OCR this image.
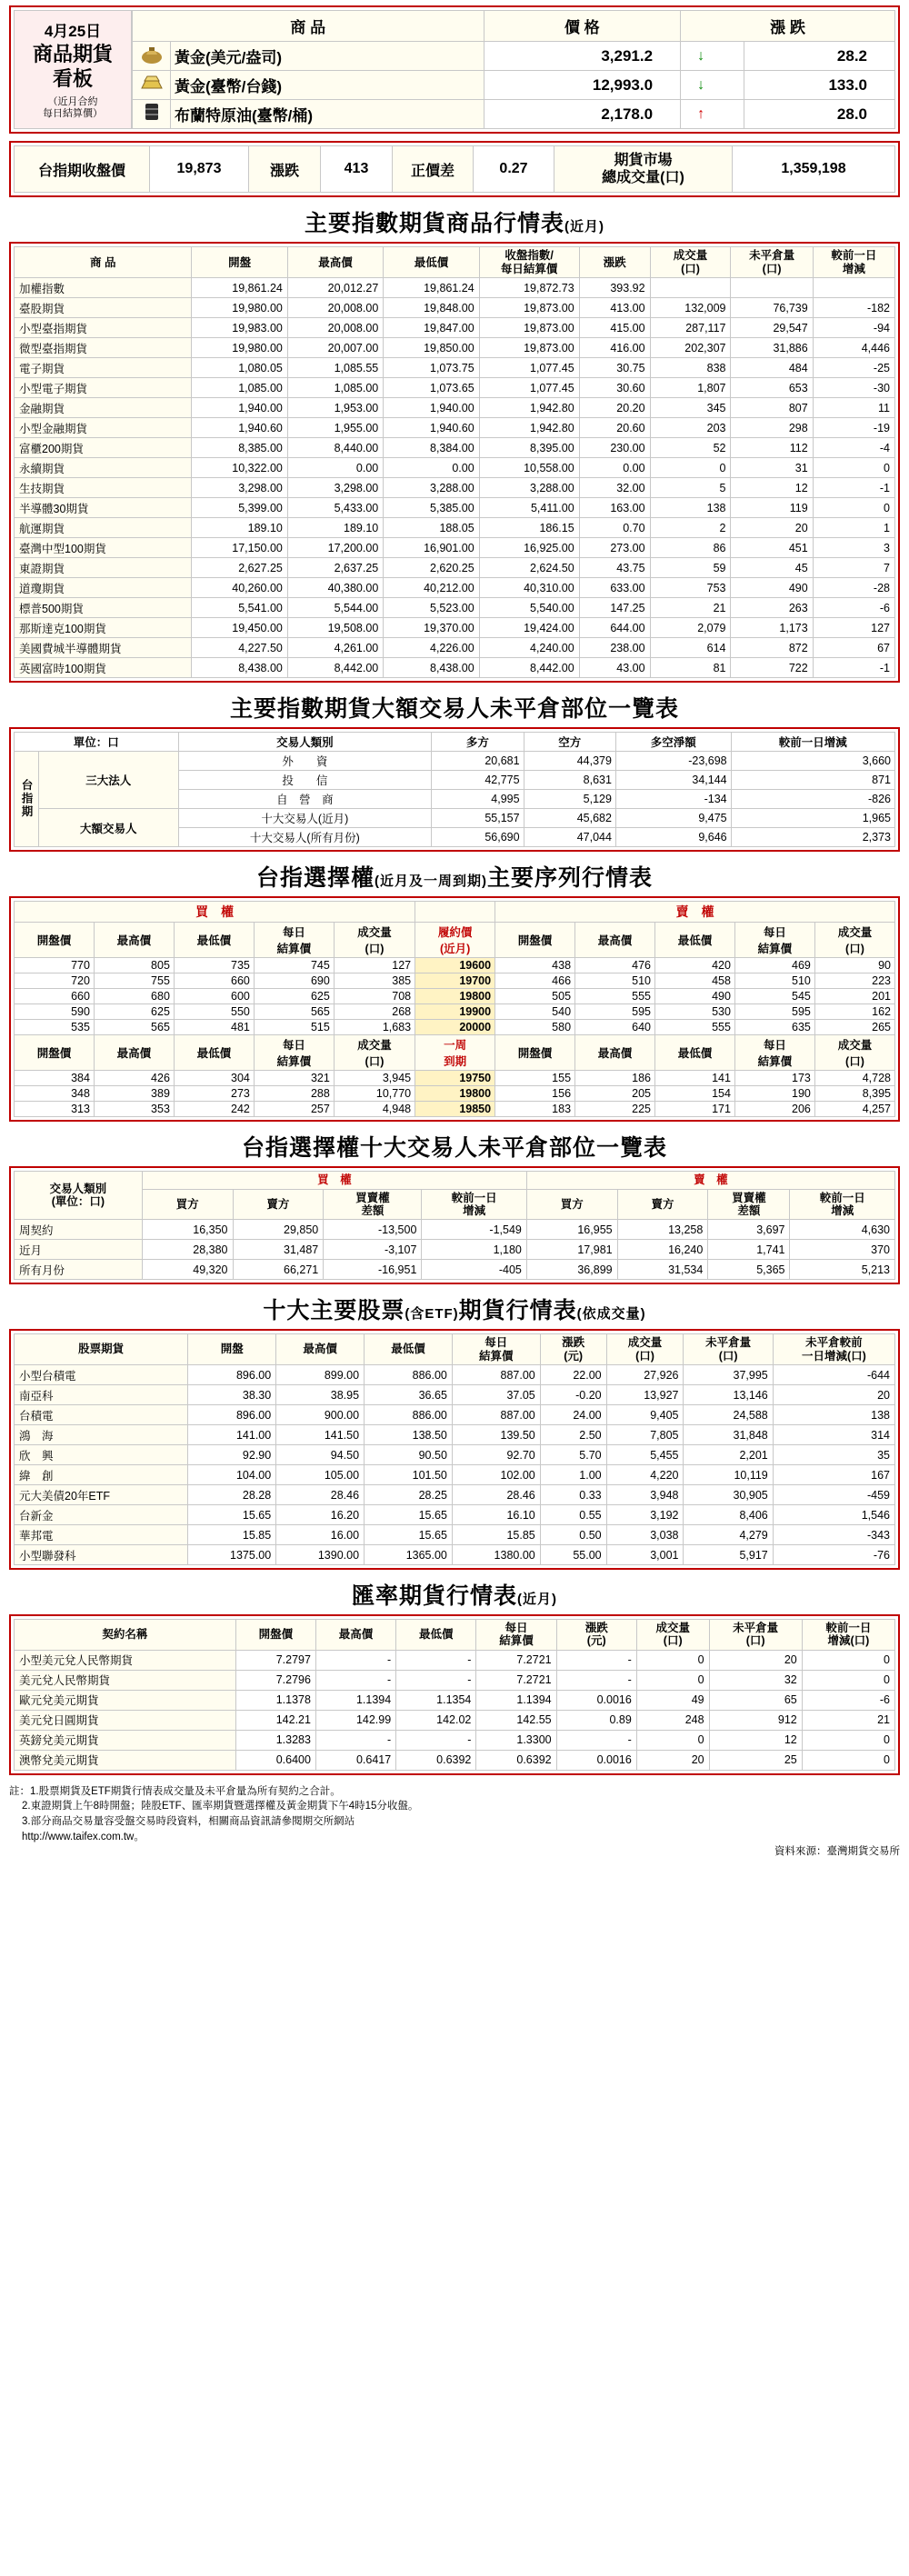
4月25日
商品期貨
看板
（近月合約
每日結算價）
商 品		價 格	漲 跌	
	黃金(美元/盎司)	3,291.2	↓	28.2
	黃金(臺幣/台錢)	12,993.0	↓	133.0
	布蘭特原油(臺幣/桶)	2,178.0	↑	28.0
台指期收盤價	19,873	漲跌	413	正價差	0.27
期貨市場
總成交量(口)
1,359,198
主要指數期貨商品行情表(近月)
商 品	開盤	最高價	最低價

收盤指數/
每日結算價

漲跌

成交量
(口)

未平倉量
(口)

較前一日
增減

加權指數	19,861.24	20,012.27	19,861.24	19,872.73	393.92			
臺股期貨	19,980.00	20,008.00	19,848.00	19,873.00	413.00	132,009	76,739	-182
小型臺指期貨	19,983.00	20,008.00	19,847.00	19,873.00	415.00	287,117	29,547	-94
微型臺指期貨	19,980.00	20,007.00	19,850.00	19,873.00	416.00	202,307	31,886	4,446
電子期貨	1,080.05	1,085.55	1,073.75	1,077.45	30.75	838	484	-25
小型電子期貨	1,085.00	1,085.00	1,073.65	1,077.45	30.60	1,807	653	-30
金融期貨	1,940.00	1,953.00	1,940.00	1,942.80	20.20	345	807	11
小型金融期貨	1,940.60	1,955.00	1,940.60	1,942.80	20.60	203	298	-19
富櫃200期貨	8,385.00	8,440.00	8,384.00	8,395.00	230.00	52	112	-4
永續期貨	10,322.00	0.00	0.00	10,558.00	0.00	0	31	0
生技期貨	3,298.00	3,298.00	3,288.00	3,288.00	32.00	5	12	-1
半導體30期貨	5,399.00	5,433.00	5,385.00	5,411.00	163.00	138	119	0
航運期貨	189.10	189.10	188.05	186.15	0.70	2	20	1
臺灣中型100期貨	17,150.00	17,200.00	16,901.00	16,925.00	273.00	86	451	3
東證期貨	2,627.25	2,637.25	2,620.25	2,624.50	43.75	59	45	7
道瓊期貨	40,260.00	40,380.00	40,212.00	40,310.00	633.00	753	490	-28
標普500期貨	5,541.00	5,544.00	5,523.00	5,540.00	147.25	21	263	-6
那斯達克100期貨	19,450.00	19,508.00	19,370.00	19,424.00	644.00	2,079	1,173	127
美國費城半導體期貨	4,227.50	4,261.00	4,226.00	4,240.00	238.00	614	872	67
英國富時100期貨	8,438.00	8,442.00	8,438.00	8,442.00	43.00	81	722	-1
主要指數期貨大額交易人未平倉部位一覽表
單位：口		交易人類別	多方	空方	多空淨額	較前一日增減
台指期	三大法人	外　　資	20,681	44,379	-23,698	3,660
		投　　信	42,775	8,631	34,144	871
		自　營　商	4,995	5,129	-134	-826
	大額交易人	十大交易人(近月)	55,157	45,682	9,475	1,965
		十大交易人(所有月份)	56,690	47,044	9,646	2,373
台指選擇權(近月及一周到期)主要序列行情表
買　權						賣　權				

開盤價	最高價	最低價

每日
結算價

成交量
(口)

履約價
(近月)

開盤價	最高價	最低價

每日
結算價

成交量
(口)

770	805	735	745	127	19600	438	476	420	469	90
720	755	660	690	385	19700	466	510	458	510	223
660	680	600	625	708	19800	505	555	490	545	201
590	625	550	565	268	19900	540	595	530	595	162
535	565	481	515	1,683	20000	580	640	555	635	265

開盤價	最高價	最低價

每日
結算價

成交量
(口)

一周
到期

開盤價	最高價	最低價

每日
結算價

成交量
(口)

384	426	304	321	3,945	19750	155	186	141	173	4,728
348	389	273	288	10,770	19800	156	205	154	190	8,395
313	353	242	257	4,948	19850	183	225	171	206	4,257
台指選擇權十大交易人未平倉部位一覽表
交易人類別
(單位：口)	買　權				賣　權			

買方	賣方

買賣權
差額

較前一日
增減

買方	賣方

買賣權
差額

較前一日
增減

周契約	16,350	29,850	-13,500	-1,549	16,955	13,258	3,697	4,630
近月	28,380	31,487	-3,107	1,180	17,981	16,240	1,741	370
所有月份	49,320	66,271	-16,951	-405	36,899	31,534	5,365	5,213
十大主要股票(含ETF)期貨行情表(依成交量)
股票期貨	開盤	最高價	最低價

每日
結算價

漲跌
(元)

成交量
(口)

未平倉量
(口)

未平倉較前
一日增減(口)

小型台積電	896.00	899.00	886.00	887.00	22.00	27,926	37,995	-644
南亞科	38.30	38.95	36.65	37.05	-0.20	13,927	13,146	20
台積電	896.00	900.00	886.00	887.00	24.00	9,405	24,588	138
鴻　海	141.00	141.50	138.50	139.50	2.50	7,805	31,848	314
欣　興	92.90	94.50	90.50	92.70	5.70	5,455	2,201	35
緯　創	104.00	105.00	101.50	102.00	1.00	4,220	10,119	167
元大美債20年ETF	28.28	28.46	28.25	28.46	0.33	3,948	30,905	-459
台新金	15.65	16.20	15.65	16.10	0.55	3,192	8,406	1,546
華邦電	15.85	16.00	15.65	15.85	0.50	3,038	4,279	-343
小型聯發科	1375.00	1390.00	1365.00	1380.00	55.00	3,001	5,917	-76
匯率期貨行情表(近月)
契約名稱	開盤價	最高價	最低價

每日
結算價

漲跌
(元)

成交量
(口)

未平倉量
(口)

較前一日
增減(口)

小型美元兌人民幣期貨	7.2797	-	-	7.2721	-	0	20	0
美元兌人民幣期貨	7.2796	-	-	7.2721	-	0	32	0
歐元兌美元期貨	1.1378	1.1394	1.1354	1.1394	0.0016	49	65	-6
美元兌日圓期貨	142.21	142.99	142.02	142.55	0.89	248	912	21
英鎊兌美元期貨	1.3283	-	-	1.3300	-	0	12	0
澳幣兌美元期貨	0.6400	0.6417	0.6392	0.6392	0.0016	20	25	0
註：1.股票期貨及ETF期貨行情表成交量及未平倉量為所有契約之合計。
2.東證期貨上午8時開盤；陸股ETF、匯率期貨暨選擇權及黃金期貨下午4時15分收盤。
3.部分商品交易量容受盤交易時段資料，相關商品資訊請參閱期交所網站
http://www.taifex.com.tw。
資料來源：臺灣期貨交易所
